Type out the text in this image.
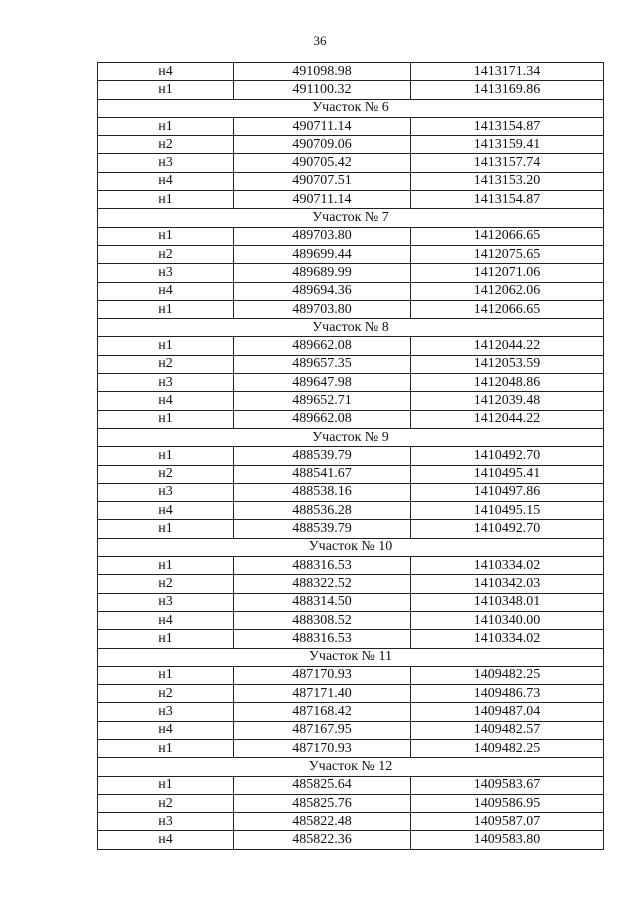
36
н4	491098.98	1413171.34
н1	491100.32	1413169.86
Участок № 6		
н1	490711.14	1413154.87
н2	490709.06	1413159.41
н3	490705.42	1413157.74
н4	490707.51	1413153.20
н1	490711.14	1413154.87
Участок № 7		
н1	489703.80	1412066.65
н2	489699.44	1412075.65
н3	489689.99	1412071.06
н4	489694.36	1412062.06
н1	489703.80	1412066.65
Участок № 8		
н1	489662.08	1412044.22
н2	489657.35	1412053.59
н3	489647.98	1412048.86
н4	489652.71	1412039.48
н1	489662.08	1412044.22
Участок № 9		
н1	488539.79	1410492.70
н2	488541.67	1410495.41
н3	488538.16	1410497.86
н4	488536.28	1410495.15
н1	488539.79	1410492.70
Участок № 10		
н1	488316.53	1410334.02
н2	488322.52	1410342.03
н3	488314.50	1410348.01
н4	488308.52	1410340.00
н1	488316.53	1410334.02
Участок № 11		
н1	487170.93	1409482.25
н2	487171.40	1409486.73
н3	487168.42	1409487.04
н4	487167.95	1409482.57
н1	487170.93	1409482.25
Участок № 12		
н1	485825.64	1409583.67
н2	485825.76	1409586.95
н3	485822.48	1409587.07
н4	485822.36	1409583.80
